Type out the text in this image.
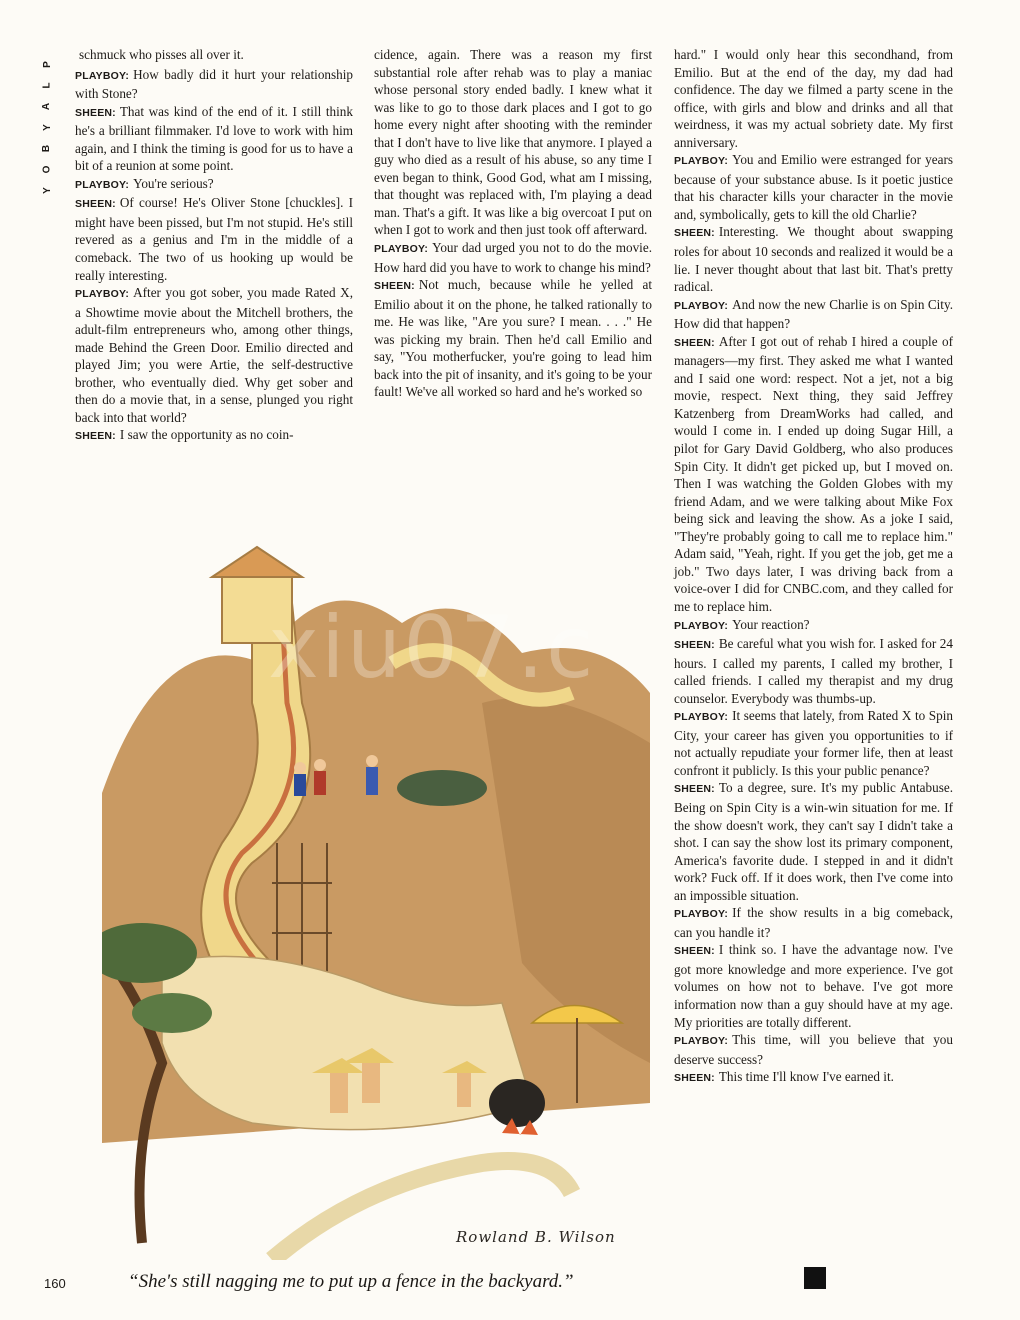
P
L
A
Y
B
O
Y

schmuck who pisses all over it.

PLAYBOY: How badly did it hurt your relationship with Stone?

SHEEN: That was kind of the end of it. I still think he's a brilliant filmmaker. I'd love to work with him again, and I think the timing is good for us to have a bit of a reunion at some point.

PLAYBOY: You're serious?

SHEEN: Of course! He's Oliver Stone [chuckles]. I might have been pissed, but I'm not stupid. He's still revered as a genius and I'm in the middle of a comeback. The two of us hooking up would be really interesting.

PLAYBOY: After you got sober, you made Rated X, a Showtime movie about the Mitchell brothers, the adult-film entrepreneurs who, among other things, made Behind the Green Door. Emilio directed and played Jim; you were Artie, the self-destructive brother, who eventually died. Why get sober and then do a movie that, in a sense, plunged you right back into that world?

SHEEN: I saw the opportunity as no coin-

cidence, again. There was a reason my first substantial role after rehab was to play a maniac whose personal story ended badly. I knew what it was like to go to those dark places and I got to go home every night after shooting with the reminder that I don't have to live like that anymore. I played a guy who died as a result of his abuse, so any time I even began to think, Good God, what am I missing, that thought was replaced with, I'm playing a dead man. That's a gift. It was like a big overcoat I put on when I got to work and then just took off afterward.

PLAYBOY: Your dad urged you not to do the movie. How hard did you have to work to change his mind?

SHEEN: Not much, because while he yelled at Emilio about it on the phone, he talked rationally to me. He was like, "Are you sure? I mean. . . ." He was picking my brain. Then he'd call Emilio and say, "You motherfucker, you're going to lead him back into the pit of insanity, and it's going to be your fault! We've all worked so hard and he's worked so

hard." I would only hear this secondhand, from Emilio. But at the end of the day, my dad had confidence. The day we filmed a party scene in the office, with girls and blow and drinks and all that weirdness, it was my actual sobriety date. My first anniversary.

PLAYBOY: You and Emilio were estranged for years because of your substance abuse. Is it poetic justice that his character kills your character in the movie and, symbolically, gets to kill the old Charlie?

SHEEN: Interesting. We thought about swapping roles for about 10 seconds and realized it would be a lie. I never thought about that last bit. That's pretty radical.

PLAYBOY: And now the new Charlie is on Spin City. How did that happen?

SHEEN: After I got out of rehab I hired a couple of managers—my first. They asked me what I wanted and I said one word: respect. Not a jet, not a big movie, respect. Next thing, they said Jeffrey Katzenberg from DreamWorks had called, and would I come in. I ended up doing Sugar Hill, a pilot for Gary David Goldberg, who also produces Spin City. It didn't get picked up, but I moved on. Then I was watching the Golden Globes with my friend Adam, and we were talking about Mike Fox being sick and leaving the show. As a joke I said, "They're probably going to call me to replace him." Adam said, "Yeah, right. If you get the job, get me a job." Two days later, I was driving back from a voice-over I did for CNBC.com, and they called for me to replace him.

PLAYBOY: Your reaction?

SHEEN: Be careful what you wish for. I asked for 24 hours. I called my parents, I called my brother, I called friends. I called my therapist and my drug counselor. Everybody was thumbs-up.

PLAYBOY: It seems that lately, from Rated X to Spin City, your career has given you opportunities to if not actually repudiate your former life, then at least confront it publicly. Is this your public penance?

SHEEN: To a degree, sure. It's my public Antabuse. Being on Spin City is a win-win situation for me. If the show doesn't work, they can't say I didn't take a shot. I can say the show lost its primary component, America's favorite dude. I stepped in and it didn't work? Fuck off. If it does work, then I've come into an impossible situation.

PLAYBOY: If the show results in a big comeback, can you handle it?

SHEEN: I think so. I have the advantage now. I've got more knowledge and more experience. I've got volumes on how not to behave. I've got more information now than a guy should have at my age. My priorities are totally different.

PLAYBOY: This time, will you believe that you deserve success?

SHEEN: This time I'll know I've earned it.

xiu07.c
Rowland B. Wilson
“She's still nagging me to put up a fence in the backyard.”
160
